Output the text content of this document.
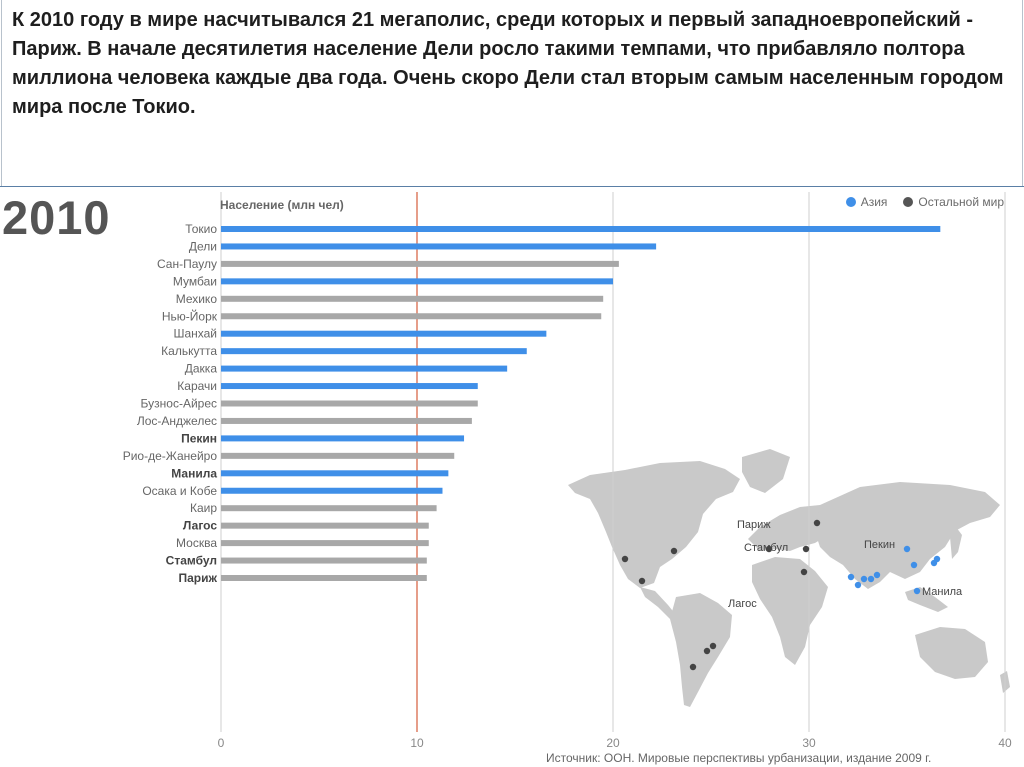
К 2010 году в мире насчитывался 21 мегаполис, среди которых и первый западноевропейский - Париж. В начале десятилетия население Дели росло такими темпами, что прибавляло полтора миллиона человека каждые два года. Очень скоро Дели стал вторым самым населенным городом мира после Токио.

0	10	20	30	40
Токио
Дели
Сан-Паулу
Мумбаи
Мехико
Нью-Йорк
Шанхай
Калькутта
Дакка
Карачи
Бузнос-Айрес
Лос-Анджелес
Пекин
Рио-де-Жанейро
Манила
Осака и Кобе
Каир
Лагос
Москва
Стамбул
Париж
Париж
Стамбул	Пекин
Лагос
Манила
2010	Население (млн чел)	Азия	Остальной мир
Источник: ООН. Мировые перспективы урбанизации, издание 2009 г.
